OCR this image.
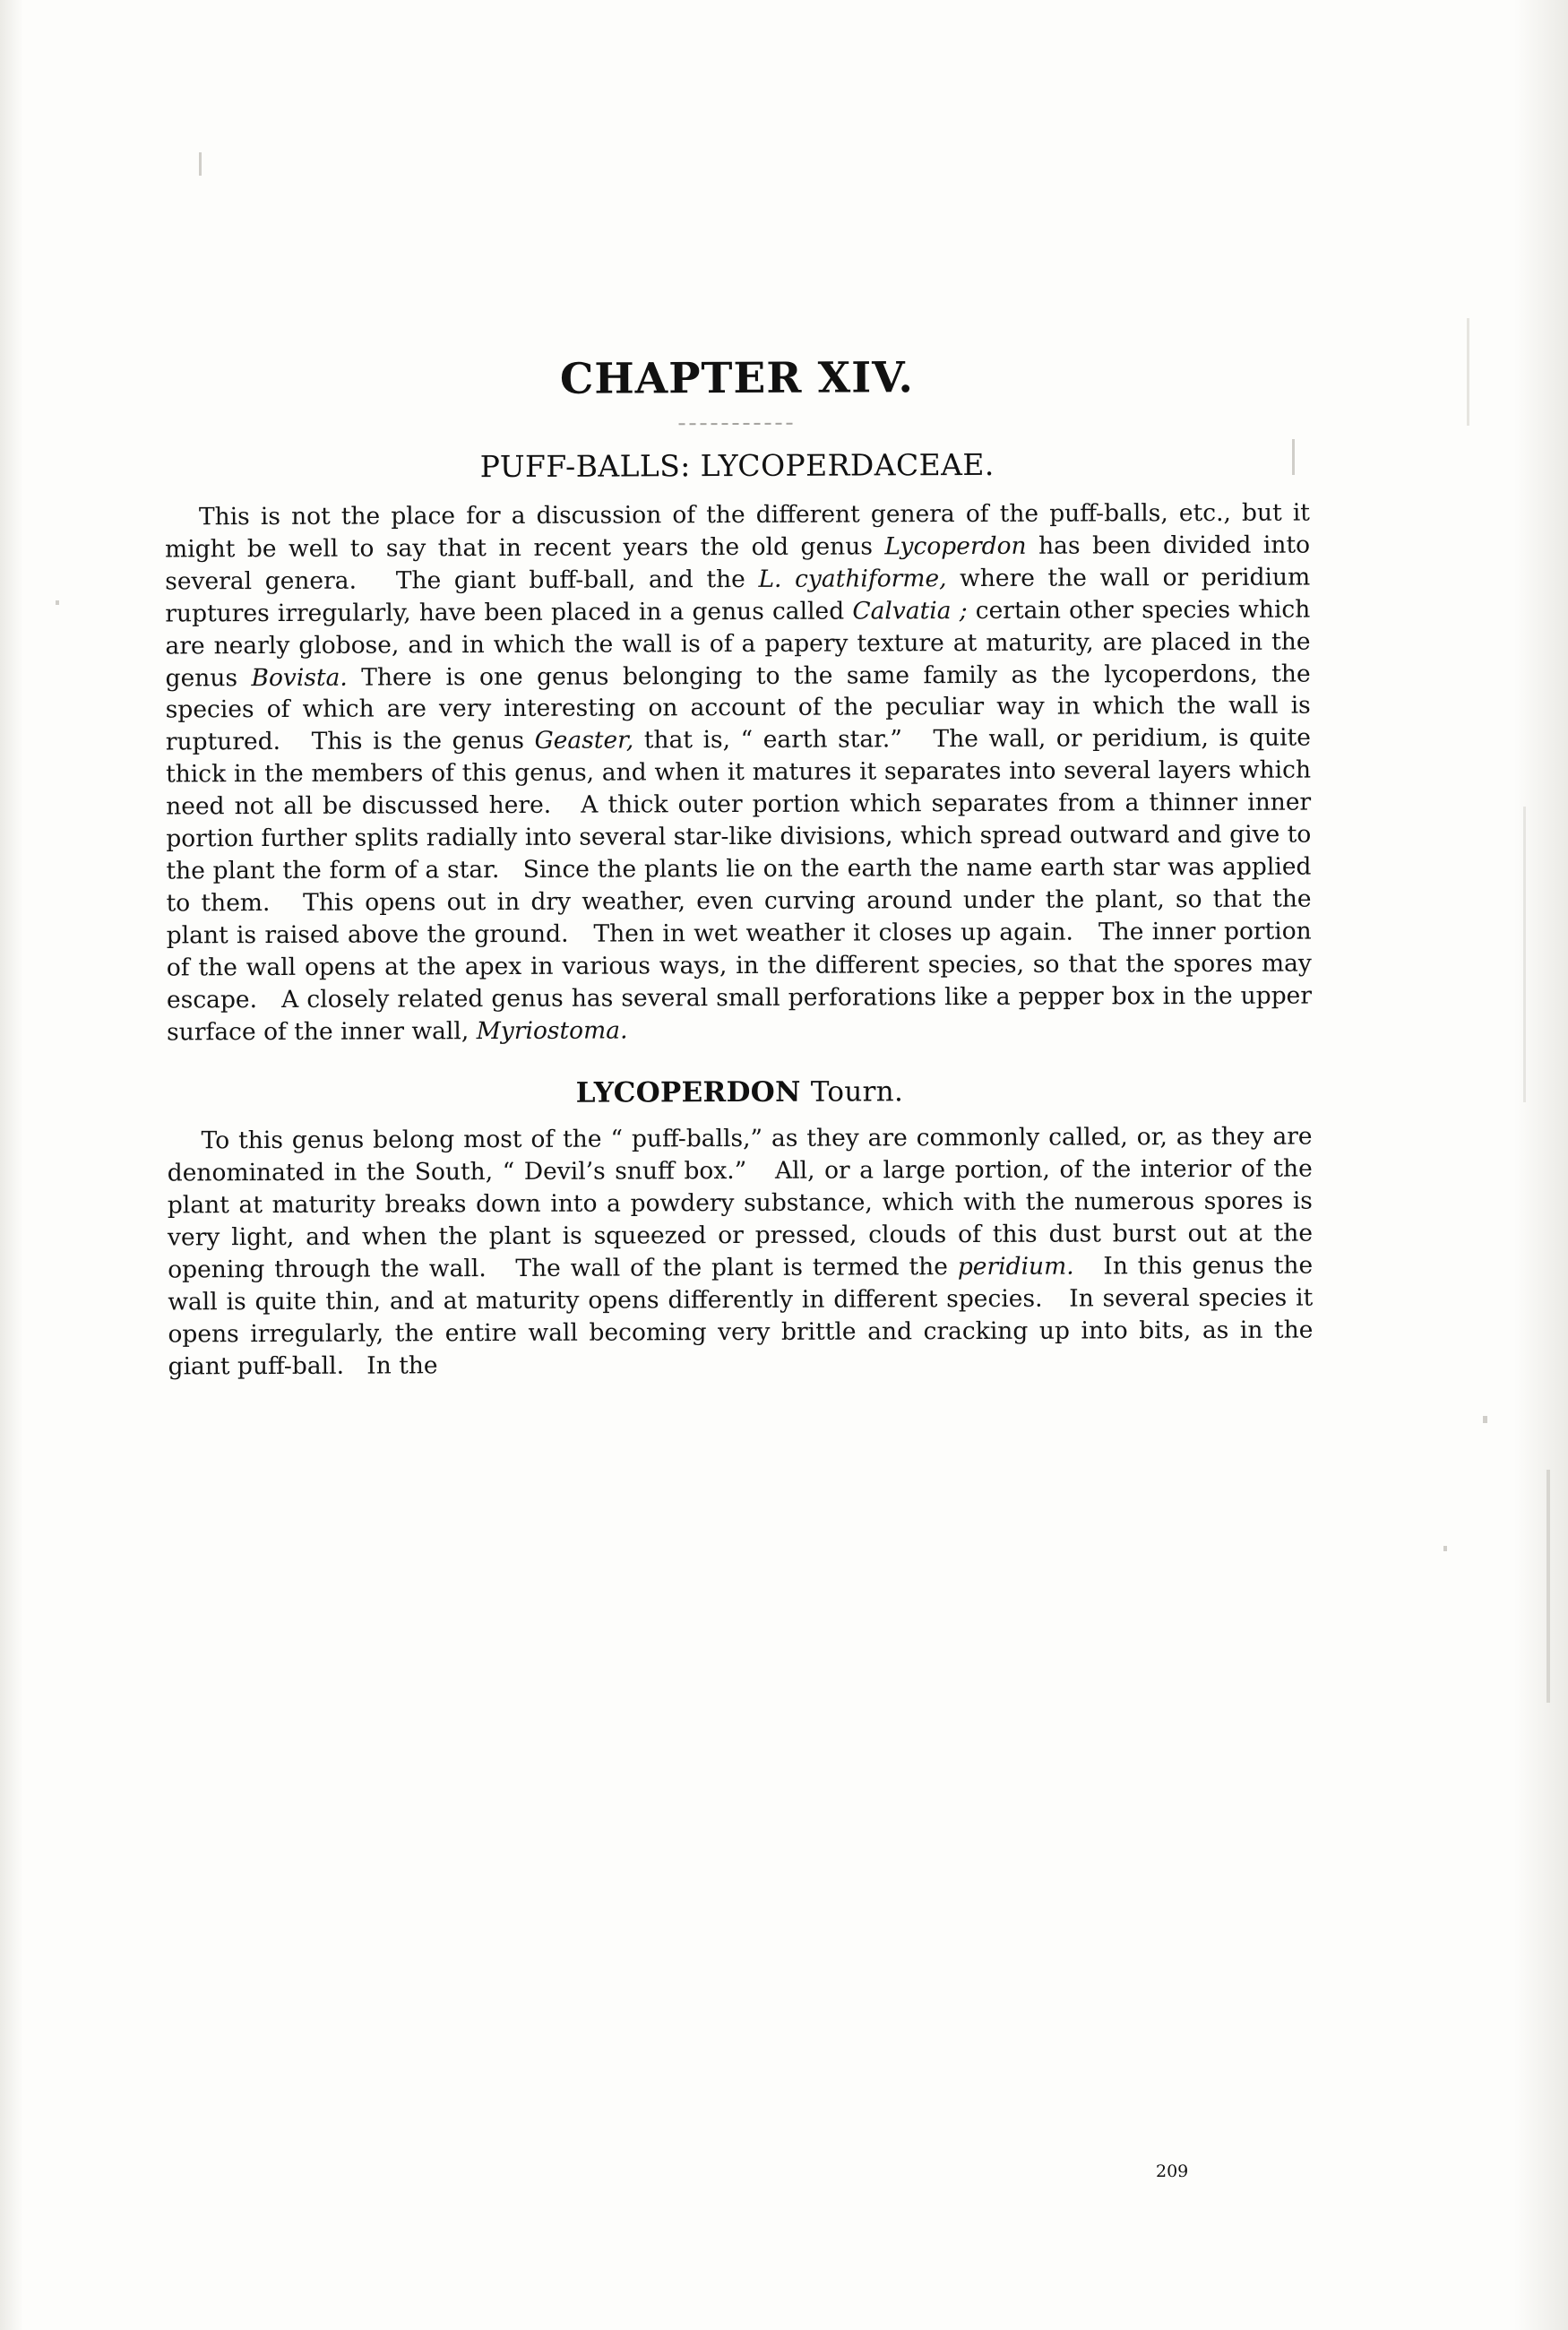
CHAPTER XIV.
PUFF-BALLS: LYCOPERDACEAE.

This is not the place for a discussion of the different genera of the puff-balls, etc., but it might be well to say that in recent years the old genus Lycoperdon has been divided into several genera.   The giant buff-ball, and the L. cyathiforme, where the wall or peridium ruptures irregularly, have been placed in a genus called Calvatia ; certain other species which are nearly globose, and in which the wall is of a papery texture at maturity, are placed in the genus Bovista. There is one genus belonging to the same family as the lycoperdons, the species of which are very interesting on account of the peculiar way in which the wall is ruptured.   This is the genus Geaster, that is, “ earth star.”   The wall, or peridium, is quite thick in the members of this genus, and when it matures it separates into several layers which need not all be discussed here.   A thick outer portion which separates from a thinner inner portion further splits radially into several star-like divisions, which spread outward and give to the plant the form of a star.   Since the plants lie on the earth the name earth star was applied to them.   This opens out in dry weather, even curving around under the plant, so that the plant is raised above the ground.   Then in wet weather it closes up again.   The inner portion of the wall opens at the apex in various ways, in the different species, so that the spores may escape.   A closely related genus has several small perforations like a pepper box in the upper surface of the inner wall, Myriostoma.

LYCOPERDON Tourn.

To this genus belong most of the “ puff-balls,” as they are commonly called, or, as they are denominated in the South, “ Devil’s snuff box.”   All, or a large portion, of the interior of the plant at maturity breaks down into a powdery substance, which with the numerous spores is very light, and when the plant is squeezed or pressed, clouds of this dust burst out at the opening through the wall.   The wall of the plant is termed the peridium.   In this genus the wall is quite thin, and at maturity opens differently in different species.   In several species it opens irregularly, the entire wall becoming very brittle and cracking up into bits, as in the giant puff-ball.   In the

209
